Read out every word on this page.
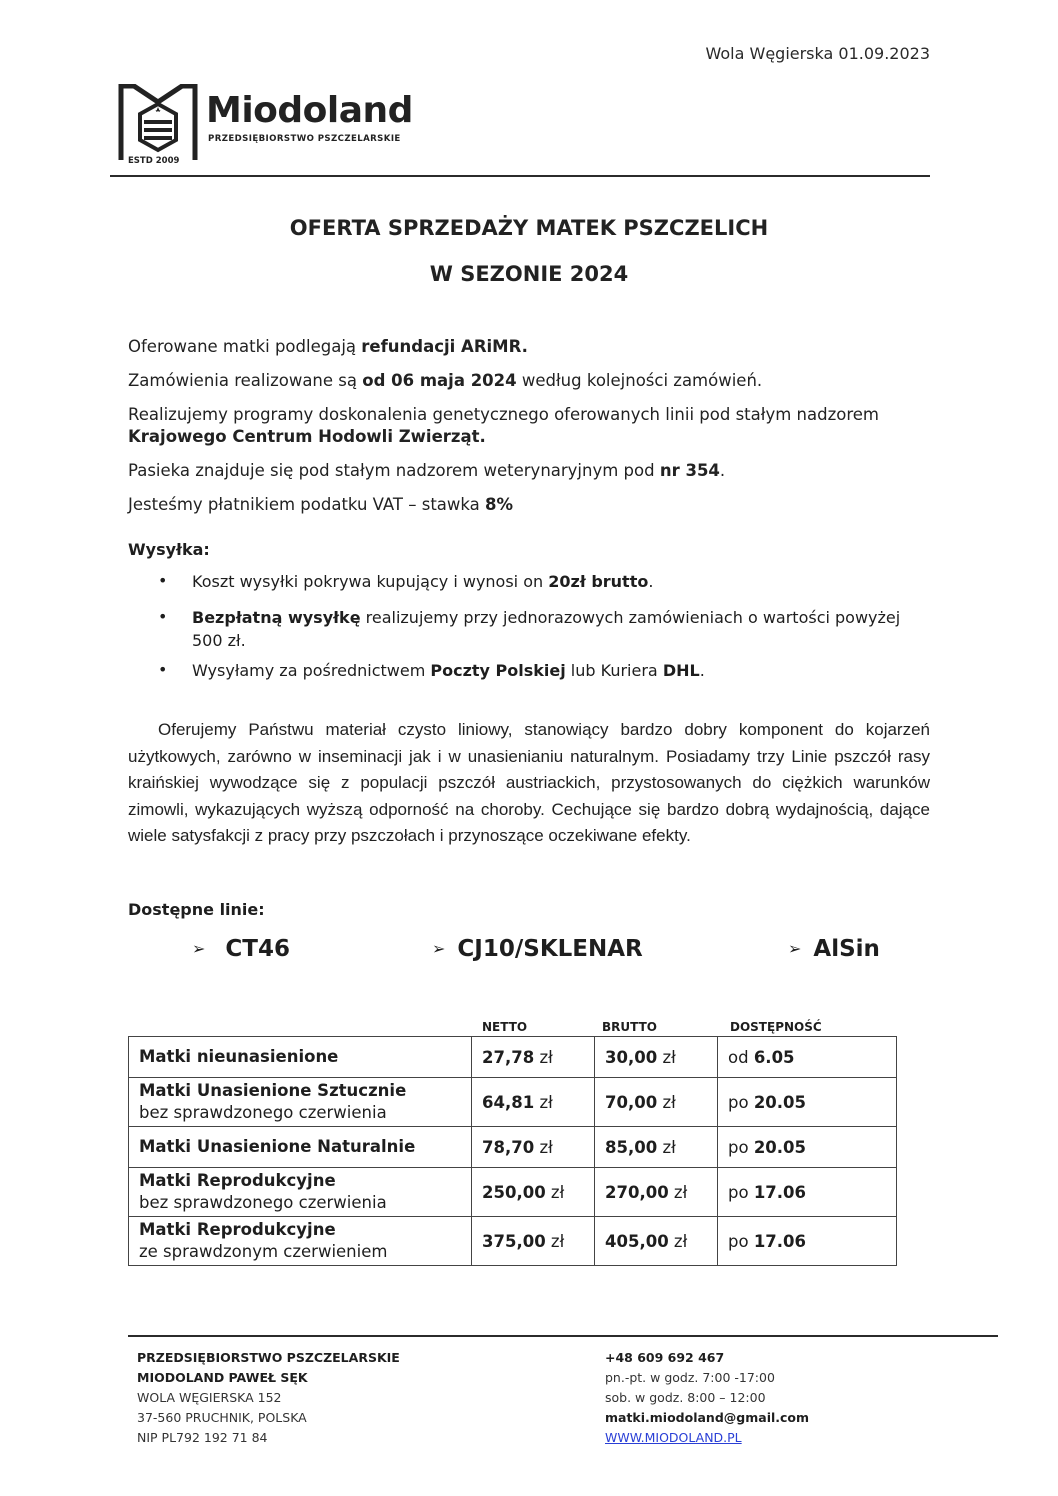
Wola Węgierska 01.09.2023
Miodoland
PRZEDSIĘBIORSTWO PSZCZELARSKIE
ESTD 2009
OFERTA SPRZEDAŻY MATEK PSZCZELICH
W SEZONIE 2024
Oferowane matki podlegają refundacji ARiMR.
Zamówienia realizowane są od 06 maja 2024 według kolejności zamówień.
Realizujemy programy doskonalenia genetycznego oferowanych linii pod stałym nadzorem Krajowego Centrum Hodowli Zwierząt.
Pasieka znajduje się pod stałym nadzorem weterynaryjnym pod nr 354.
Jesteśmy płatnikiem podatku VAT – stawka 8%
Wysyłka:
• Koszt wysyłki pokrywa kupujący i wynosi on 20zł brutto.
• Bezpłatną wysyłkę realizujemy przy jednorazowych zamówieniach o wartości powyżej 500 zł.
• Wysyłamy za pośrednictwem Poczty Polskiej lub Kuriera DHL.
Oferujemy Państwu materiał czysto liniowy, stanowiący bardzo dobry komponent do kojarzeń użytkowych, zarówno w inseminacji jak i w unasienianiu naturalnym. Posiadamy trzy Linie pszczół rasy kraińskiej wywodzące się z populacji pszczół austriackich, przystosowanych do ciężkich warunków zimowli, wykazujących wyższą odporność na choroby. Cechujące się bardzo dobrą wydajnością, dające wiele satysfakcji z pracy przy pszczołach i przynoszące oczekiwane efekty.
Dostępne linie:
➢ CT46	➢ CJ10/SKLENAR	➢ AlSin
NETTO	BRUTTO	DOSTĘPNOŚĆ
Matki nieunasienione	27,78 zł	30,00 zł	od 6.05

Matki Unasienione Sztucznie
bez sprawdzonego czerwienia	64,81 zł	70,00 zł	po 20.05

Matki Unasienione Naturalnie	78,70 zł	85,00 zł	po 20.05

Matki Reprodukcyjne
bez sprawdzonego czerwienia	250,00 zł	270,00 zł	po 17.06

Matki Reprodukcyjne
ze sprawdzonym czerwieniem	375,00 zł	405,00 zł	po 17.06
PRZEDSIĘBIORSTWO PSZCZELARSKIE
MIODOLAND PAWEŁ SĘK
WOLA WĘGIERSKA 152
37-560 PRUCHNIK, POLSKA
NIP PL792 192 71 84
+48 609 692 467
pn.-pt. w godz. 7:00 -17:00
sob. w godz. 8:00 – 12:00
matki.miodoland@gmail.com
WWW.MIODOLAND.PL
